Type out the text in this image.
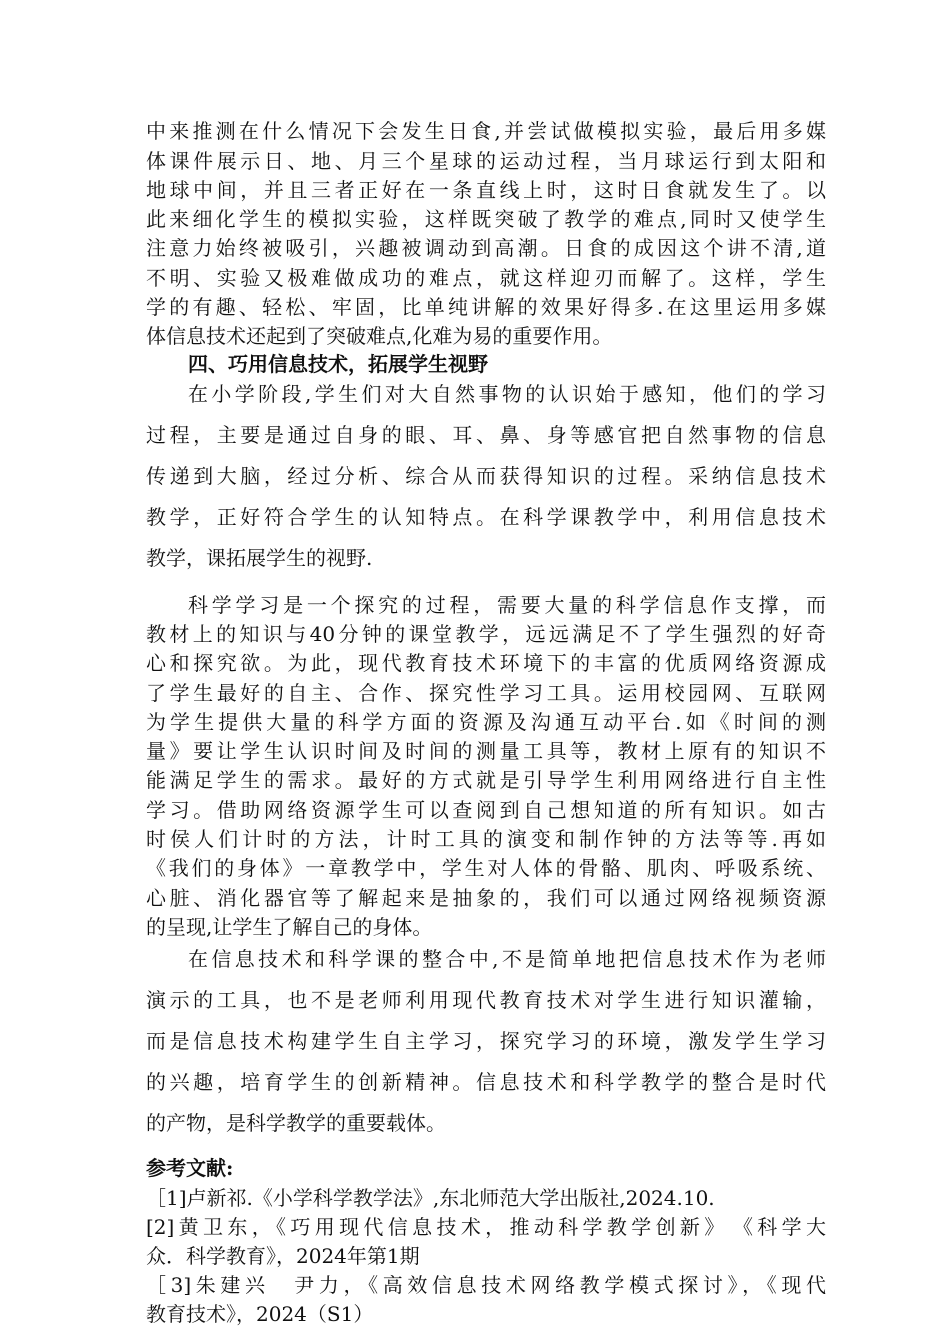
中来推测在什么情况下会发生日食,并尝试做模拟实验，最后用多媒
体课件展示日、地、月三个星球的运动过程，当月球运行到太阳和
地球中间，并且三者正好在一条直线上时，这时日食就发生了。以
此来细化学生的模拟实验，这样既突破了教学的难点,同时又使学生
注意力始终被吸引，兴趣被调动到高潮。日食的成因这个讲不清,道
不明、实验又极难做成功的难点，就这样迎刃而解了。这样，学生
学的有趣、轻松、牢固，比单纯讲解的效果好得多.在这里运用多媒
体信息技术还起到了突破难点,化难为易的重要作用。
四、巧用信息技术，拓展学生视野
在小学阶段,学生们对大自然事物的认识始于感知，他们的学习
过程，主要是通过自身的眼、耳、鼻、身等感官把自然事物的信息
传递到大脑，经过分析、综合从而获得知识的过程。采纳信息技术
教学，正好符合学生的认知特点。在科学课教学中，利用信息技术
教学，课拓展学生的视野.
科学学习是一个探究的过程，需要大量的科学信息作支撑，而
教材上的知识与40分钟的课堂教学，远远满足不了学生强烈的好奇
心和探究欲。为此，现代教育技术环境下的丰富的优质网络资源成
了学生最好的自主、合作、探究性学习工具。运用校园网、互联网
为学生提供大量的科学方面的资源及沟通互动平台.如《时间的测
量》要让学生认识时间及时间的测量工具等，教材上原有的知识不
能满足学生的需求。最好的方式就是引导学生利用网络进行自主性
学习。借助网络资源学生可以查阅到自己想知道的所有知识。如古
时侯人们计时的方法，计时工具的演变和制作钟的方法等等.再如
《我们的身体》一章教学中，学生对人体的骨骼、肌肉、呼吸系统、
心脏、消化器官等了解起来是抽象的，我们可以通过网络视频资源
的呈现,让学生了解自己的身体。
在信息技术和科学课的整合中,不是简单地把信息技术作为老师
演示的工具，也不是老师利用现代教育技术对学生进行知识灌输，
而是信息技术构建学生自主学习，探究学习的环境，激发学生学习
的兴趣，培育学生的创新精神。信息技术和科学教学的整合是时代
的产物，是科学教学的重要载体。
参考文献:
［1]卢新祁.《小学科学教学法》,东北师范大学出版社,2024.10.
[2]黄卫东，《巧用现代信息技术，推动科学教学创新》　《科学大
众．科学教育》，2024年第1期
［3]朱建兴　尹力，《高效信息技术网络教学模式探讨》，《现代
教育技术》，2024（S1）
